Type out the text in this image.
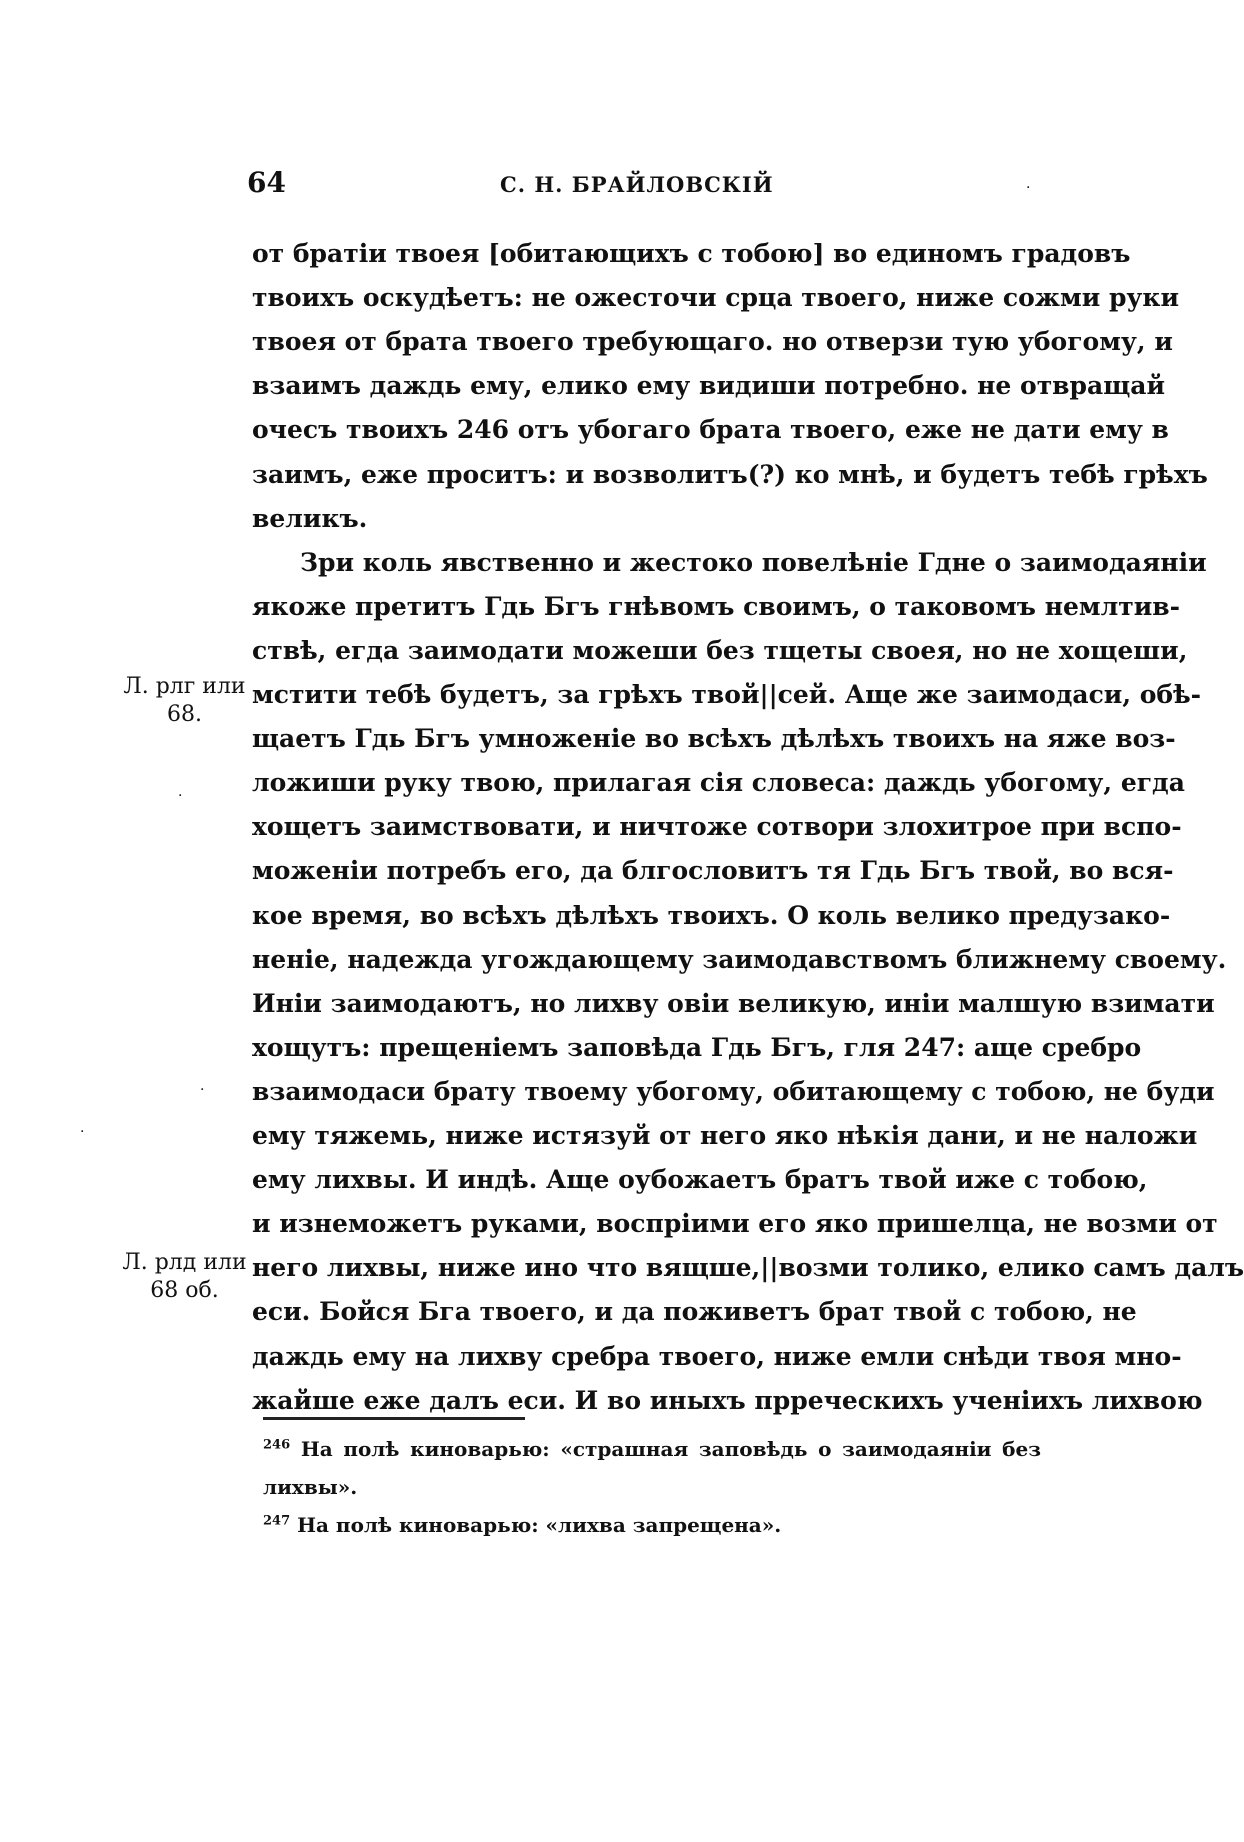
64	С. Н. БРАЙЛОВСКІЙ
Л. рлг или
68.
Л. рлд или
68 об.
·
·
·
·
от братіи твоея [обитающихъ с тобою] во единомъ градовъ
твоихъ оскудѣетъ: не ожесточи срца твоего, ниже сожми руки
твоея от брата твоего требующаго. но отверзи тую убогому, и
взаимъ даждь ему, елико ему видиши потребно. не отвращай
очесъ твоихъ 246 отъ убогаго брата твоего, еже не дати ему в
заимъ, еже проситъ: и возволитъ(?) ко мнѣ, и будетъ тебѣ грѣхъ
великъ.
Зри коль явственно и жестоко повелѣніе Гдне о заимодаяніи
якоже претитъ Гдь Бгъ гнѣвомъ своимъ, о таковомъ немлтив-
ствѣ, егда заимодати можеши без тщеты своея, но не хощеши,
мстити тебѣ будетъ, за грѣхъ твой||сей. Аще же заимодаси, обѣ-
щаетъ Гдь Бгъ умноженіе во всѣхъ дѣлѣхъ твоихъ на яже воз-
ложиши руку твою, прилагая сія словеса: даждь убогому, егда
хощетъ заимствовати, и ничтоже сотвори злохитрое при вспо-
моженіи потребъ его, да блгословитъ тя Гдь Бгъ твой, во вся-
кое время, во всѣхъ дѣлѣхъ твоихъ. О коль велико предузако-
неніе, надежда угождающему заимодавствомъ ближнему своему.
Иніи заимодаютъ, но лихву овіи великую, иніи малшую взимати
хощутъ: прещеніемъ заповѣда Гдь Бгъ, гля 247: аще сребро
взаимодаси брату твоему убогому, обитающему с тобою, не буди
ему тяжемь, ниже истязуй от него яко нѣкія дани, и не наложи
ему лихвы. И индѣ. Аще оубожаетъ братъ твой иже с тобою,
и изнеможетъ руками, воспріими его яко пришелца, не возми от
него лихвы, ниже ино что вящше,||возми толико, елико самъ далъ
еси. Бойся Бга твоего, и да поживетъ брат твой с тобою, не
даждь ему на лихву сребра твоего, ниже емли снѣди твоя мно-
жайше еже далъ еси. И во иныхъ прреческихъ ученіихъ лихвою
$^{246}$ На полѣ киноварью: «страшная заповѣдь о заимодаяніи без
лихвы».
$^{247}$ На полѣ киноварью: «лихва запрещена».
